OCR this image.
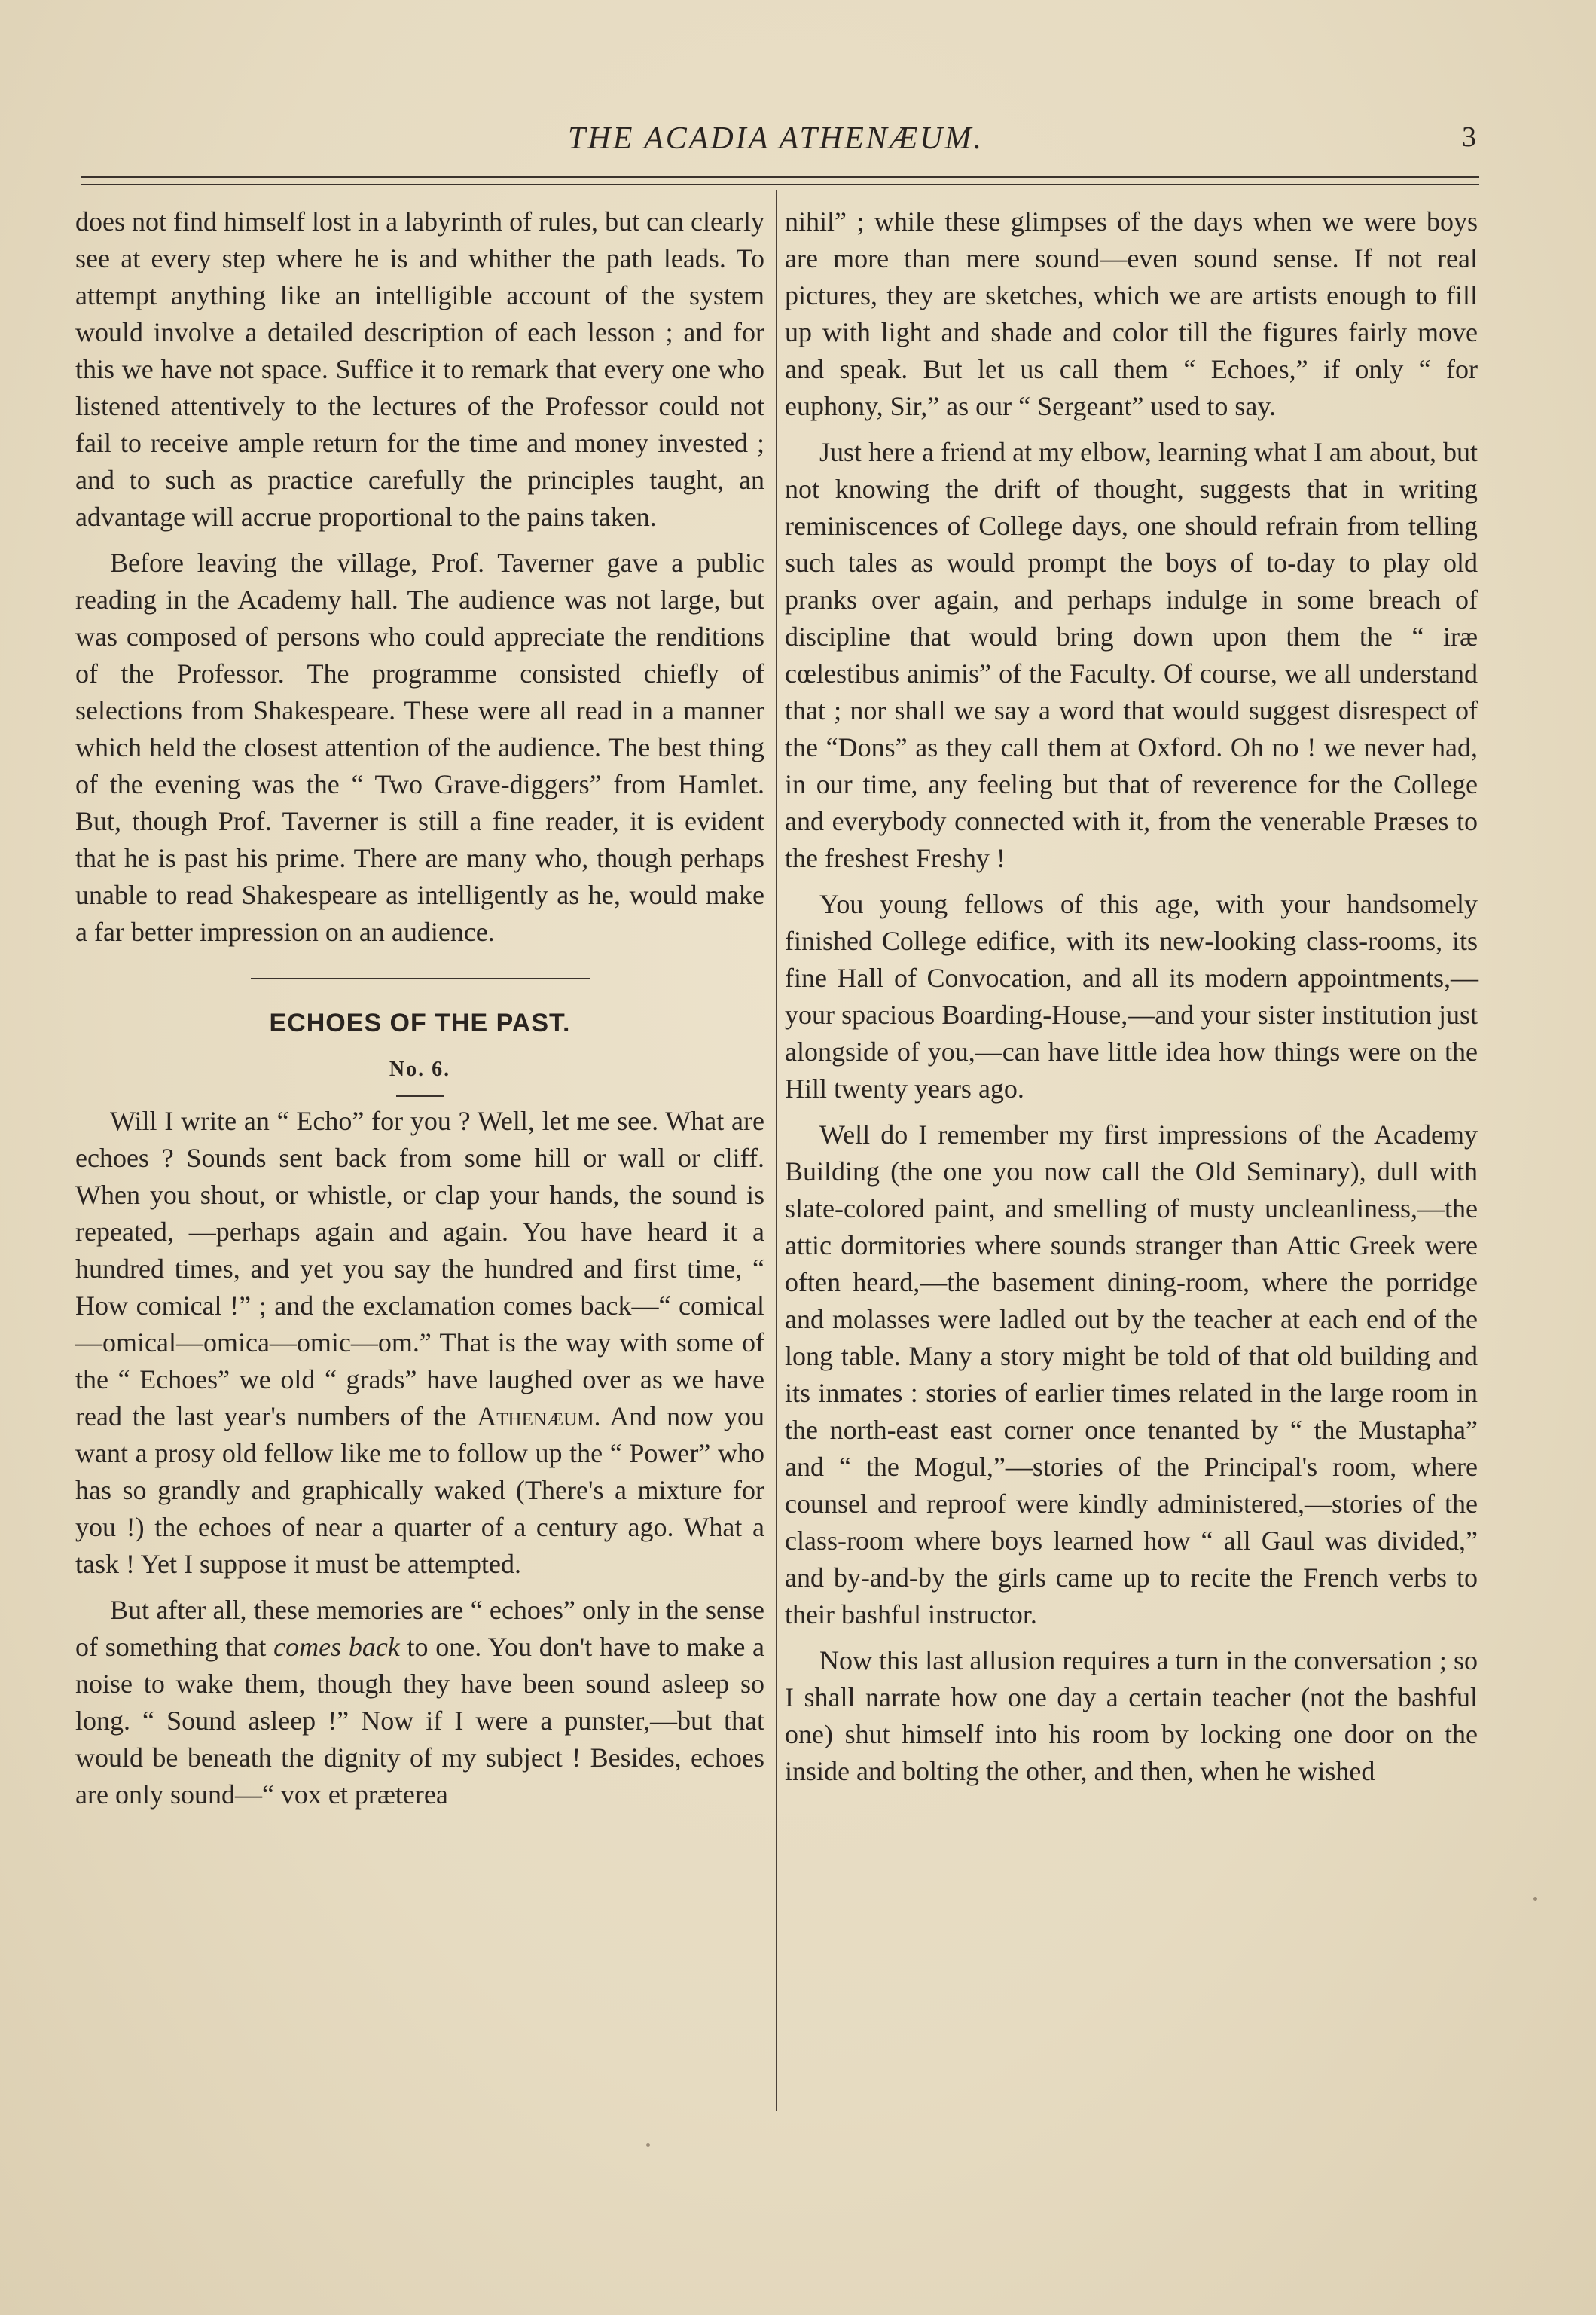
THE ACADIA ATHENÆUM.	3

does not find himself lost in a labyrinth of rules, but can clearly see at every step where he is and whither the path leads. To attempt anything like an intelligible account of the system would involve a detailed description of each lesson ; and for this we have not space. Suffice it to remark that every one who listened attentively to the lectures of the Professor could not fail to receive ample return for the time and money invested ; and to such as practice carefully the principles taught, an advantage will accrue proportional to the pains taken.

Before leaving the village, Prof. Taverner gave a public reading in the Academy hall. The audience was not large, but was composed of persons who could appreciate the renditions of the Professor. The programme consisted chiefly of selections from Shakespeare. These were all read in a manner which held the closest attention of the audience. The best thing of the evening was the “ Two Grave-diggers” from Hamlet. But, though Prof. Taverner is still a fine reader, it is evident that he is past his prime. There are many who, though perhaps unable to read Shakespeare as intelligently as he, would make a far better impression on an audience.

ECHOES OF THE PAST.

No. 6.

Will I write an “ Echo” for you ? Well, let me see. What are echoes ? Sounds sent back from some hill or wall or cliff. When you shout, or whistle, or clap your hands, the sound is repeated, —perhaps again and again. You have heard it a hundred times, and yet you say the hundred and first time, “ How comical !” ; and the exclamation comes back—“ comical—omical—omica—omic—om.” That is the way with some of the “ Echoes” we old “ grads” have laughed over as we have read the last year's numbers of the Athenæum. And now you want a prosy old fellow like me to follow up the “ Power” who has so grandly and graphically waked (There's a mixture for you !) the echoes of near a quarter of a century ago. What a task ! Yet I suppose it must be attempted.

But after all, these memories are “ echoes” only in the sense of something that comes back to one. You don't have to make a noise to wake them, though they have been sound asleep so long. “ Sound asleep !” Now if I were a punster,—but that would be beneath the dignity of my subject ! Besides, echoes are only sound—“ vox et præterea

nihil” ; while these glimpses of the days when we were boys are more than mere sound—even sound sense. If not real pictures, they are sketches, which we are artists enough to fill up with light and shade and color till the figures fairly move and speak. But let us call them “ Echoes,” if only “ for euphony, Sir,” as our “ Sergeant” used to say.

Just here a friend at my elbow, learning what I am about, but not knowing the drift of thought, suggests that in writing reminiscences of College days, one should refrain from telling such tales as would prompt the boys of to-day to play old pranks over again, and perhaps indulge in some breach of discipline that would bring down upon them the “ iræ cœlestibus animis” of the Faculty. Of course, we all understand that ; nor shall we say a word that would suggest disrespect of the “Dons” as they call them at Oxford. Oh no ! we never had, in our time, any feeling but that of reverence for the College and everybody connected with it, from the venerable Præses to the freshest Freshy !

You young fellows of this age, with your handsomely finished College edifice, with its new-looking class-rooms, its fine Hall of Convocation, and all its modern appointments,—your spacious Boarding-House,—and your sister institution just alongside of you,—can have little idea how things were on the Hill twenty years ago.

Well do I remember my first impressions of the Academy Building (the one you now call the Old Seminary), dull with slate-colored paint, and smelling of musty uncleanliness,—the attic dormitories where sounds stranger than Attic Greek were often heard,—the basement dining-room, where the porridge and molasses were ladled out by the teacher at each end of the long table. Many a story might be told of that old building and its inmates : stories of earlier times related in the large room in the north-east east corner once tenanted by “ the Mustapha” and “ the Mogul,”—stories of the Principal's room, where counsel and reproof were kindly administered,—stories of the class-room where boys learned how “ all Gaul was divided,” and by-and-by the girls came up to recite the French verbs to their bashful instructor.

Now this last allusion requires a turn in the conversation ; so I shall narrate how one day a certain teacher (not the bashful one) shut himself into his room by locking one door on the inside and bolting the other, and then, when he wished
